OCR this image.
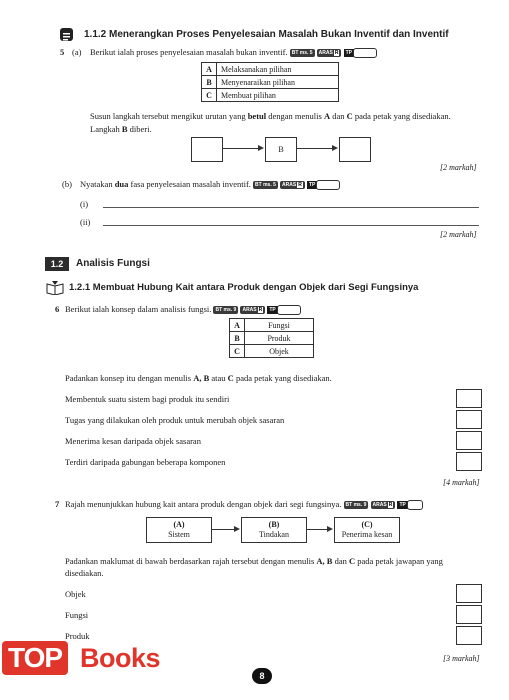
1.1.2 Menerangkan Proses Penyelesaian Masalah Bukan Inventif dan Inventif
5 (a) Berikut ialah proses penyelesaian masalah bukan inventif. BT ms. 5 ARAS R TP
A	Melaksanakan pilihan
B	Menyenaraikan pilihan
C	Membuat pilihan
Susun langkah tersebut mengikut urutan yang betul dengan menulis A dan C pada petak yang disediakan.
Langkah B diberi.
B
[2 markah]
(b) Nyatakan dua fasa penyelesaian masalah inventif. BT ms. 5 ARAS R TP
(i)
(ii)
[2 markah]
1.2	Analisis Fungsi
1.2.1 Membuat Hubung Kait antara Produk dengan Objek dari Segi Fungsinya
6 Berikut ialah konsep dalam analisis fungsi. BT ms. 9 ARAS R TP
A	Fungsi
B	Produk
C	Objek
Padankan konsep itu dengan menulis A, B atau C pada petak yang disediakan.
Membentuk suatu sistem bagi produk itu sendiri
Tugas yang dilakukan oleh produk untuk merubah objek sasaran
Menerima kesan daripada objek sasaran
Terdiri daripada gabungan beberapa komponen
[4 markah]
7 Rajah menunjukkan hubung kait antara produk dengan objek dari segi fungsinya. BT ms. 9 ARAS R TP
(A)
Sistem
(B)
Tindakan
(C)
Penerima kesan
Padankan maklumat di bawah berdasarkan rajah tersebut dengan menulis A, B dan C pada petak jawapan yang
disediakan.
Objek
Fungsi
Produk
[3 markah]
8
TOP Books
